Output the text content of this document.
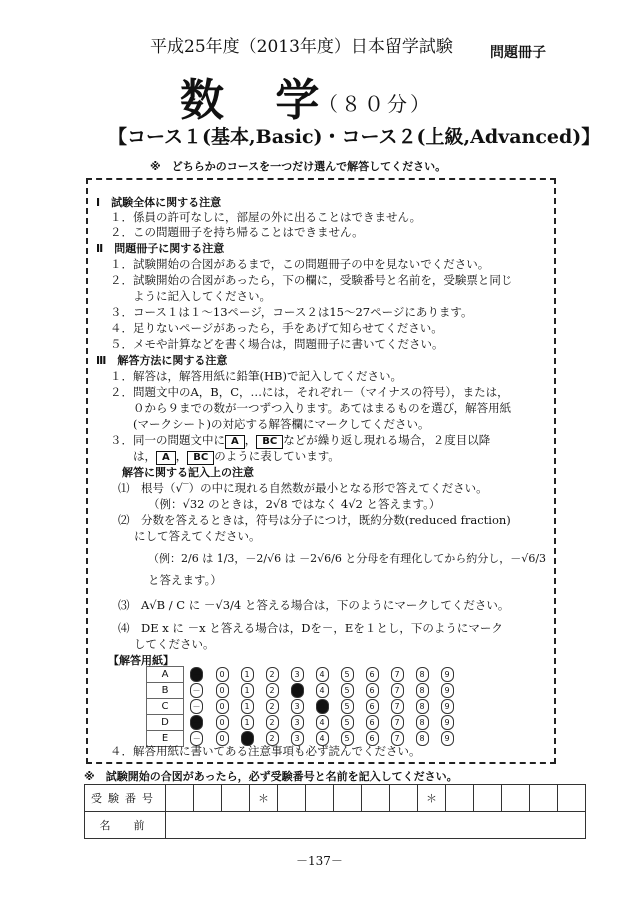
平成25年度（2013年度）日本留学試験	問題冊子
数 学
（８０分）
【コース１(基本,Basic)・コース２(上級,Advanced)】
※　どちらかのコースを一つだけ選んで解答してください。
Ⅰ　試験全体に関する注意
１．係員の許可なしに，部屋の外に出ることはできません。
２．この問題冊子を持ち帰ることはできません。
Ⅱ　問題冊子に関する注意
１．試験開始の合図があるまで，この問題冊子の中を見ないでください。
２．試験開始の合図があったら，下の欄に，受験番号と名前を，受験票と同じ
　　ように記入してください。
３．コース１は１～13ページ，コース２は15～27ページにあります。
４．足りないページがあったら，手をあげて知らせてください。
５．メモや計算などを書く場合は，問題冊子に書いてください。
Ⅲ　解答方法に関する注意
１．解答は，解答用紙に鉛筆(HB)で記入してください。
２．問題文中のA，B，C，…には，それぞれ－（マイナスの符号），または，
　　０から９までの数が一つずつ入ります。あてはまるものを選び，解答用紙
　　(マークシート)の対応する解答欄にマークしてください。
３．同一の問題文中に A ， BC などが繰り返し現れる場合，２度目以降
　　は， A ， BC のように表しています。
解答に関する記入上の注意
⑴　根号（√‾）の中に現れる自然数が最小となる形で答えてください。
（例：√32 のときは，2√8 ではなく 4√2 と答えます。）
⑵　分数を答えるときは，符号は分子につけ，既約分数(reduced fraction)
にして答えてください。
（例：2/6 は 1/3，－2/√6 は －2√6/6 と分母を有理化してから約分し，－√6/3
と答えます。）
⑶　A√B / C に －√3/4 と答える場合は，下のようにマークしてください。
⑷　DE x に －x と答える場合は，Dを－，Eを１とし，下のようにマーク
してください。
【解答用紙】
A	－	0	1	2	3	4	5	6	7	8	9
B	－	0	1	2	3	4	5	6	7	8	9
C	－	0	1	2	3	4	5	6	7	8	9
D	－	0	1	2	3	4	5	6	7	8	9
E	－	0	1	2	3	4	5	6	7	8	9
４．解答用紙に書いてある注意事項も必ず読んでください。
※　試験開始の合図があったら，必ず受験番号と名前を記入してください。
受験番号				＊						＊					
名　前															
－137－
